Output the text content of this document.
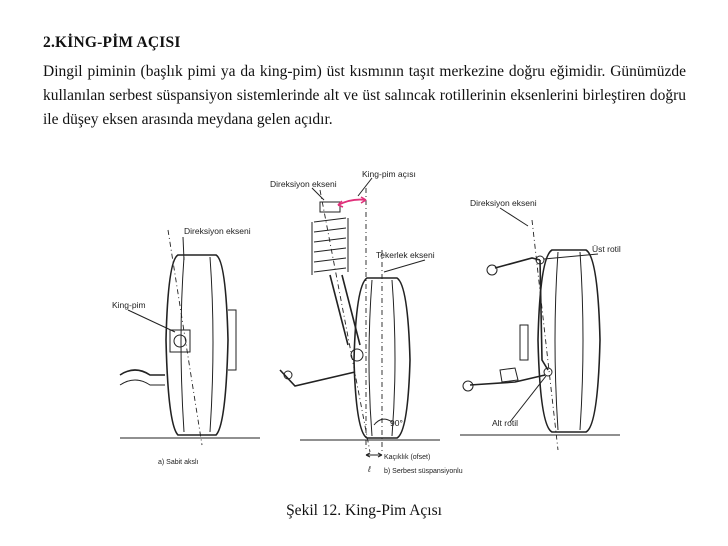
2.KİNG-PİM AÇISI
Dingil piminin (başlık pimi ya da king-pim) üst kısmının taşıt merkezine doğru eğimidir. Günümüzde kullanılan serbest süspansiyon sistemlerinde alt ve üst salıncak rotillerinin eksenlerini birleştiren doğru ile düşey eksen arasında meydana gelen açıdır.
Direksiyon ekseni
King-pim
a) Sabit akslı
Direksiyon ekseni
King-pim açısı
Tekerlek ekseni
90°
Kaçıklık (ofset)
ℓ b) Serbest süspansiyonlu
Direksiyon ekseni
Üst rotil
Alt rotil
Şekil 12. King-Pim Açısı
